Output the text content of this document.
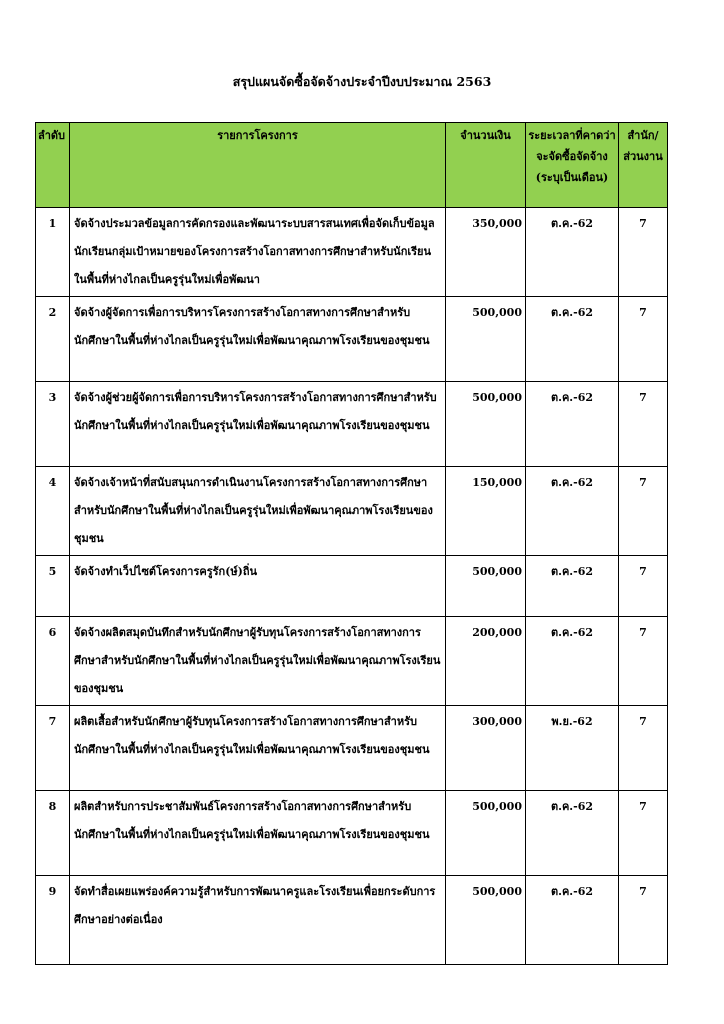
สรุปแผนจัดซื้อจัดจ้างประจำปีงบประมาณ 2563
ลำดับ	รายการโครงการ	จำนวนเงิน	ระยะเวลาที่คาดว่าจะจัดซื้อจัดจ้าง (ระบุเป็นเดือน)	สำนัก/ส่วนงาน
1	จัดจ้างประมวลข้อมูลการคัดกรองและพัฒนาระบบสารสนเทศเพื่อจัดเก็บข้อมูลนักเรียนกลุ่มเป้าหมายของโครงการสร้างโอกาสทางการศึกษาสำหรับนักเรียนในพื้นที่ห่างไกลเป็นครูรุ่นใหม่เพื่อพัฒนา	350,000	ต.ค.-62	7
2	จัดจ้างผู้จัดการเพื่อการบริหารโครงการสร้างโอกาสทางการศึกษาสำหรับนักศึกษาในพื้นที่ห่างไกลเป็นครูรุ่นใหม่เพื่อพัฒนาคุณภาพโรงเรียนของชุมชน	500,000	ต.ค.-62	7
3	จัดจ้างผู้ช่วยผู้จัดการเพื่อการบริหารโครงการสร้างโอกาสทางการศึกษาสำหรับนักศึกษาในพื้นที่ห่างไกลเป็นครูรุ่นใหม่เพื่อพัฒนาคุณภาพโรงเรียนของชุมชน	500,000	ต.ค.-62	7
4	จัดจ้างเจ้าหน้าที่สนับสนุนการดำเนินงานโครงการสร้างโอกาสทางการศึกษาสำหรับนักศึกษาในพื้นที่ห่างไกลเป็นครูรุ่นใหม่เพื่อพัฒนาคุณภาพโรงเรียนของชุมชน	150,000	ต.ค.-62	7
5	จัดจ้างทำเว็ปไซต์โครงการครูรัก(ษ์)ถิ่น	500,000	ต.ค.-62	7
6	จัดจ้างผลิตสมุดบันทึกสำหรับนักศึกษาผู้รับทุนโครงการสร้างโอกาสทางการศึกษาสำหรับนักศึกษาในพื้นที่ห่างไกลเป็นครูรุ่นใหม่เพื่อพัฒนาคุณภาพโรงเรียนของชุมชน	200,000	ต.ค.-62	7
7	ผลิตเสื้อสำหรับนักศึกษาผู้รับทุนโครงการสร้างโอกาสทางการศึกษาสำหรับนักศึกษาในพื้นที่ห่างไกลเป็นครูรุ่นใหม่เพื่อพัฒนาคุณภาพโรงเรียนของชุมชน	300,000	พ.ย.-62	7
8	ผลิตสำหรับการประชาสัมพันธ์โครงการสร้างโอกาสทางการศึกษาสำหรับนักศึกษาในพื้นที่ห่างไกลเป็นครูรุ่นใหม่เพื่อพัฒนาคุณภาพโรงเรียนของชุมชน	500,000	ต.ค.-62	7
9	จัดทำสื่อเผยแพร่องค์ความรู้สำหรับการพัฒนาครูและโรงเรียนเพื่อยกระดับการศึกษาอย่างต่อเนื่อง	500,000	ต.ค.-62	7
